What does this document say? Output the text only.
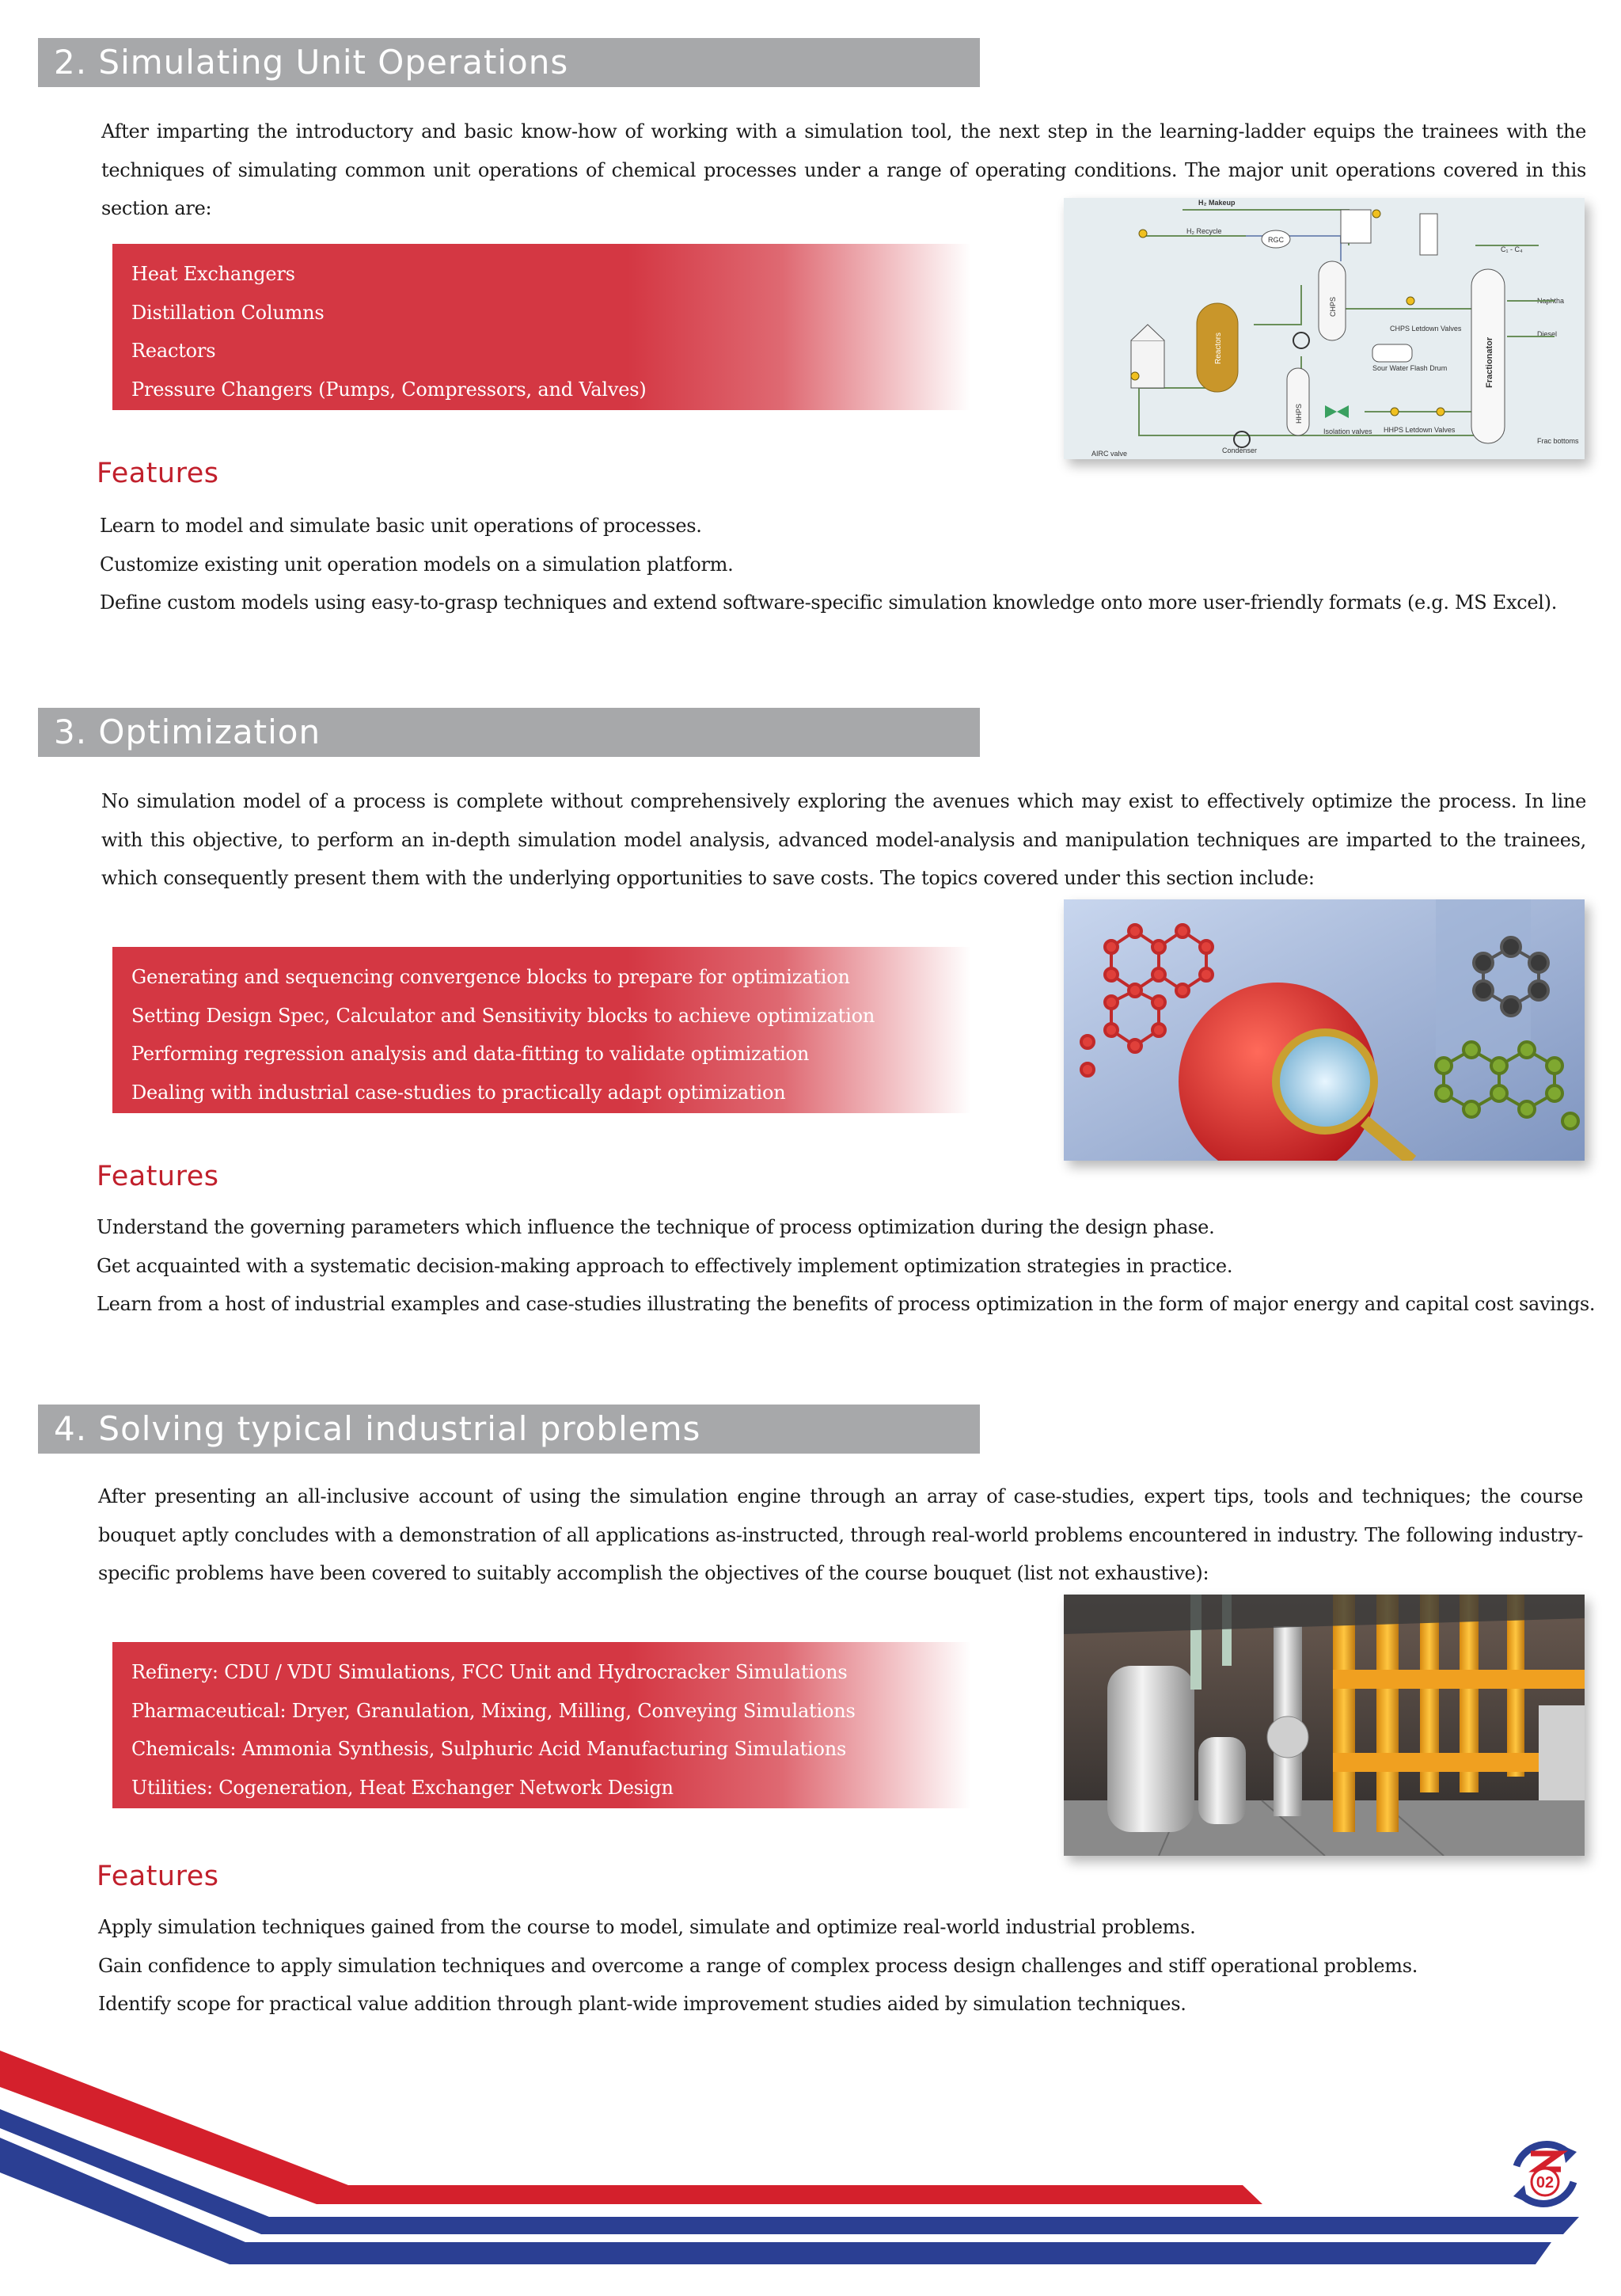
2. Simulating Unit Operations

After imparting the introductory and basic know-how of working with a simulation tool, the next step in the learning-ladder equips the trainees with the techniques of simulating common unit operations of chemical processes under a range of operating conditions. The major unit operations covered in this section are:

Heat Exchangers
Distillation Columns
Reactors
Pressure Changers (Pumps, Compressors, and Valves)
H₂ Makeup
H₂ Recycle
C₁ - C₄
Naphtha
Diesel
Frac bottoms
CHPS Letdown Valves
HHPS Letdown Valves
Isolation valves
Condenser
AIRC valve
Sour Water Flash Drum
Reactors
CHPS
HHPS
Fractionator
RGC
Features
Learn to model and simulate basic unit operations of processes.
Customize existing unit operation models on a simulation platform.
Define custom models using easy-to-grasp techniques and extend software-specific simulation knowledge onto more user-friendly formats (e.g. MS Excel).
3. Optimization

No simulation model of a process is complete without comprehensively exploring the avenues which may exist to effectively optimize the process. In line with this objective, to perform an in-depth simulation model analysis, advanced model-analysis and manipulation techniques are imparted to the trainees, which consequently present them with the underlying opportunities to save costs. The topics covered under this section include:

Generating and sequencing convergence blocks to prepare for optimization
Setting Design Spec, Calculator and Sensitivity blocks to achieve optimization
Performing regression analysis and data-fitting to validate optimization
Dealing with industrial case-studies to practically adapt optimization
Features
Understand the governing parameters which influence the technique of process optimization during the design phase.
Get acquainted with a systematic decision-making approach to effectively implement optimization strategies in practice.
Learn from a host of industrial examples and case-studies illustrating the benefits of process optimization in the form of major energy and capital cost savings.
4. Solving typical industrial problems

After presenting an all-inclusive account of using the simulation engine through an array of case-studies, expert tips, tools and techniques; the course bouquet aptly concludes with a demonstration of all applications as-instructed, through real-world problems encountered in industry. The following industry-specific problems have been covered to suitably accomplish the objectives of the course bouquet (list not exhaustive):

Refinery: CDU / VDU Simulations, FCC Unit and Hydrocracker Simulations
Pharmaceutical: Dryer, Granulation, Mixing, Milling, Conveying Simulations
Chemicals: Ammonia Synthesis, Sulphuric Acid Manufacturing Simulations
Utilities: Cogeneration, Heat Exchanger Network Design
Features
Apply simulation techniques gained from the course to model, simulate and optimize real-world industrial problems.
Gain confidence to apply simulation techniques and overcome a range of complex process design challenges and stiff operational problems.
Identify scope for practical value addition through plant-wide improvement studies aided by simulation techniques.
02
